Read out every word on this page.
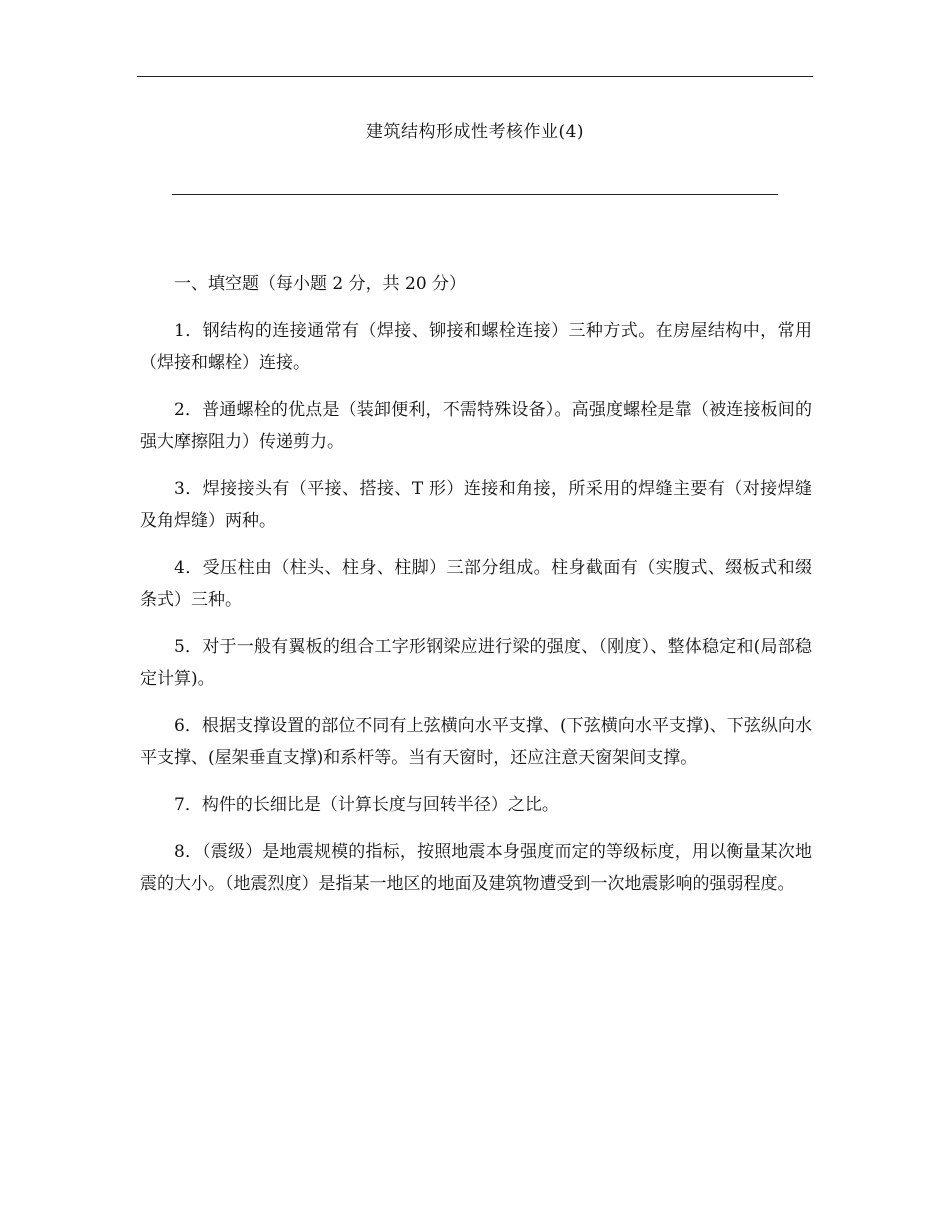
建筑结构形成性考核作业(4)

一、填空题（每小题 2 分，共 20 分）

1．钢结构的连接通常有（焊接、铆接和螺栓连接）三种方式。在房屋结构中，常用（焊接和螺栓）连接。

2．普通螺栓的优点是（装卸便利，不需特殊设备）。高强度螺栓是靠（被连接板间的强大摩擦阻力）传递剪力。

3．焊接接头有（平接、搭接、T 形）连接和角接，所采用的焊缝主要有（对接焊缝及角焊缝）两种。

4．受压柱由（柱头、柱身、柱脚）三部分组成。柱身截面有（实腹式、缀板式和缀条式）三种。

5．对于一般有翼板的组合工字形钢梁应进行梁的强度、（刚度）、整体稳定和(局部稳定计算)。

6．根据支撑设置的部位不同有上弦横向水平支撑、(下弦横向水平支撑)、下弦纵向水平支撑、(屋架垂直支撑)和系杆等。当有天窗时，还应注意天窗架间支撑。

7．构件的长细比是（计算长度与回转半径）之比。

8．（震级）是地震规模的指标，按照地震本身强度而定的等级标度，用以衡量某次地震的大小。（地震烈度）是指某一地区的地面及建筑物遭受到一次地震影响的强弱程度。
